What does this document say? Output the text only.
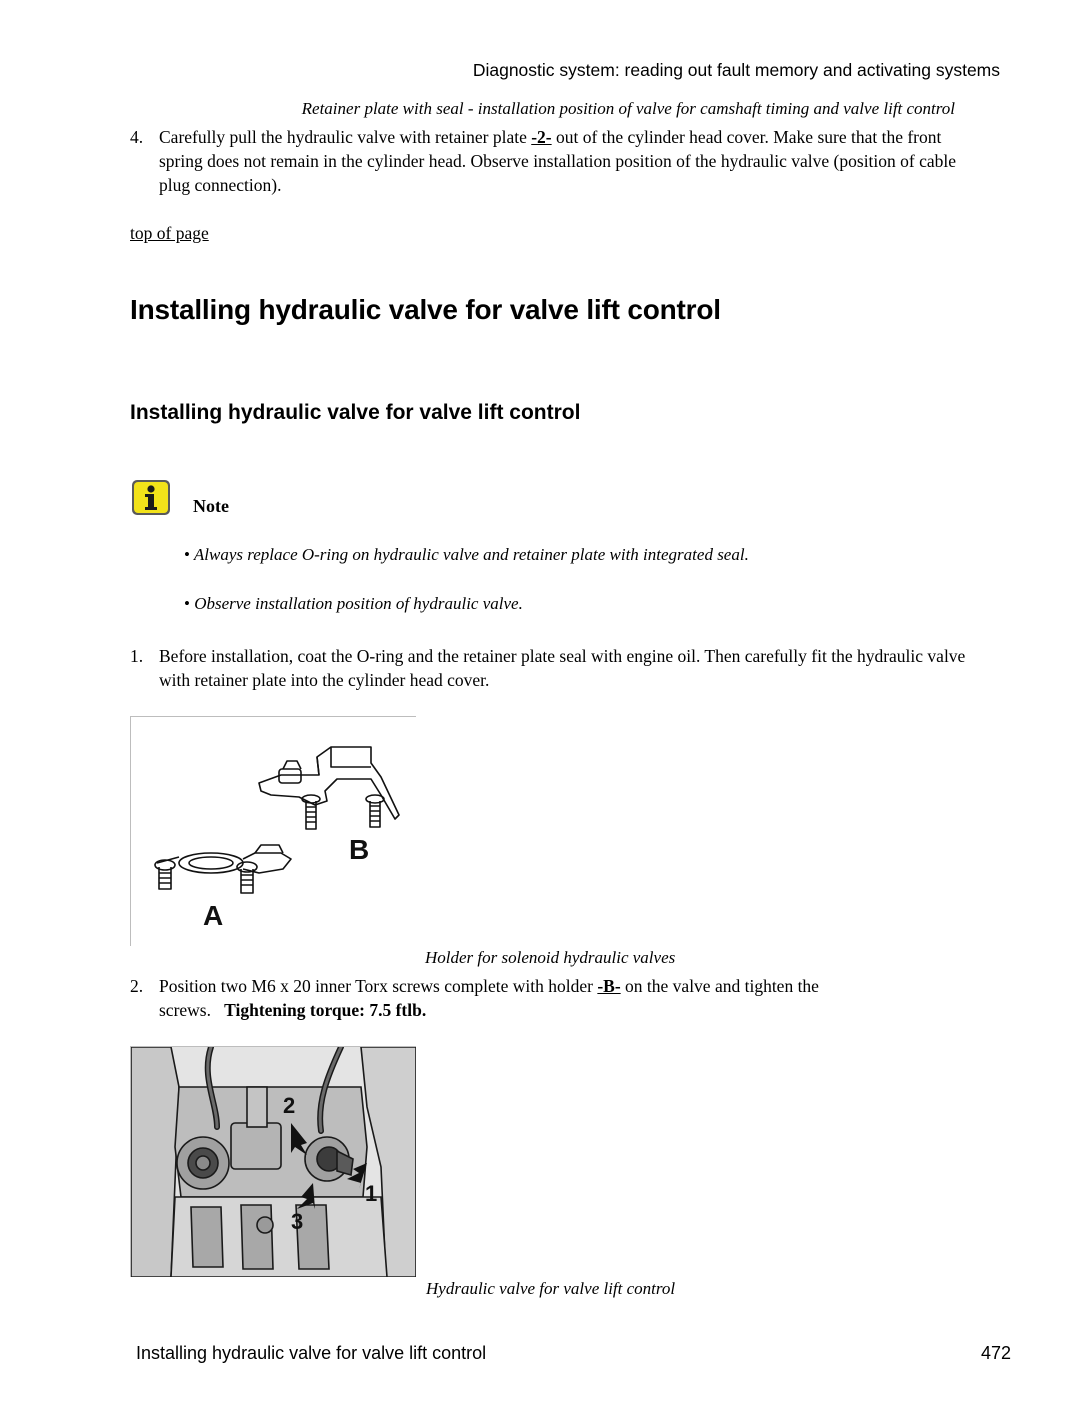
Diagnostic system: reading out fault memory and activating systems
Retainer plate with seal - installation position of valve for camshaft timing and valve lift control
4. Carefully pull the hydraulic valve with retainer plate -2- out of the cylinder head cover. Make sure that the front spring does not remain in the cylinder head. Observe installation position of the hydraulic valve (position of cable plug connection).
top of page
Installing hydraulic valve for valve lift control
Installing hydraulic valve for valve lift control
Note
• Always replace O-ring on hydraulic valve and retainer plate with integrated seal.
• Observe installation position of hydraulic valve.
1. Before installation, coat the O-ring and the retainer plate seal with engine oil. Then carefully fit the hydraulic valve with retainer plate into the cylinder head cover.
B
A
Holder for solenoid hydraulic valves
2. Position two M6 x 20 inner Torx screws complete with holder -B- on the valve and tighten the screws. Tightening torque: 7.5 ftlb.
2
1
3
Hydraulic valve for valve lift control
Installing hydraulic valve for valve lift control	472
